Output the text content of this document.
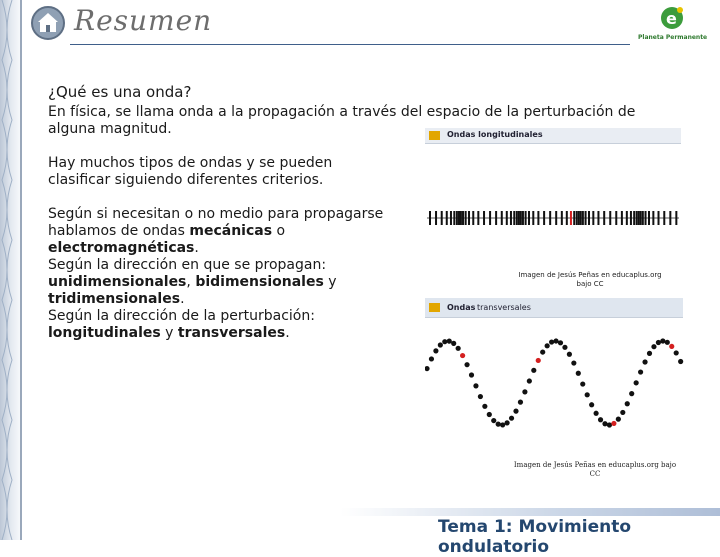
Resumen	e
Planeta Permanente
¿Qué es una onda?
En física, se llama onda a la propagación a través del espacio de la perturbación de alguna magnitud.
Hay muchos tipos de ondas y se pueden clasificar siguiendo diferentes criterios.
Según si necesitan o no medio para propagarse hablamos de ondas mecánicas o electromagnéticas.
Según la dirección en que se propagan: unidimensionales, bidimensionales y tridimensionales.
Según la dirección de la perturbación: longitudinales y transversales.
Ondas longitudinales
Imagen de Jesús Peñas en educaplus.org bajo CC
Ondas transversales
Imagen de Jesús Peñas en educaplus.org bajo CC
Tema 1: Movimiento ondulatorio
